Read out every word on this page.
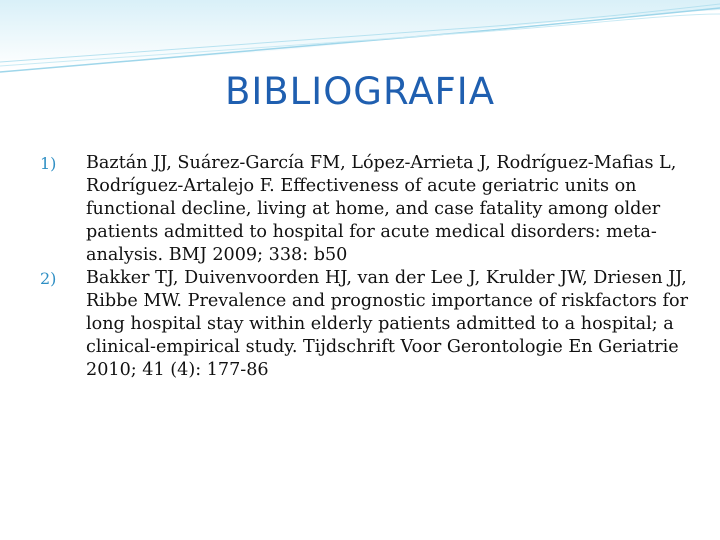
BIBLIOGRAFIA
1) Baztán JJ, Suárez-García FM, López-Arrieta J, Rodríguez-Mafias L, Rodríguez-Artalejo F. Effectiveness of acute geriatric units on functional decline, living at home, and case fatality among older patients admitted to hospital for acute medical disorders: meta-analysis. BMJ 2009; 338: b50
2) Bakker TJ, Duivenvoorden HJ, van der Lee J, Krulder JW, Driesen JJ, Ribbe MW. Prevalence and prognostic importance of riskfactors for long hospital stay within elderly patients admitted to a hospital; a clinical-empirical study. Tijdschrift Voor Gerontologie En Geriatrie 2010; 41 (4): 177-86
